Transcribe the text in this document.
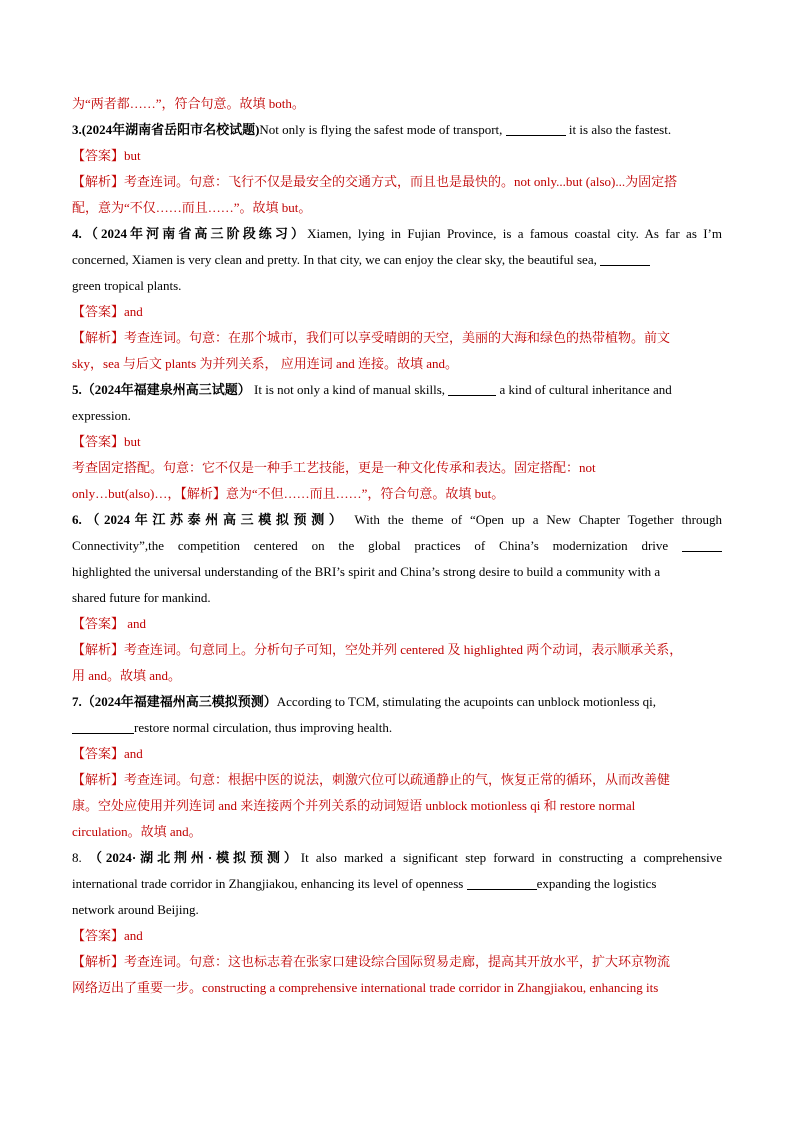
为“两者都……”，符合句意。故填 both。
3.(2024年湖南省岳阳市名校试题)Not only is flying the safest mode of transport,	it is also the fastest.
【答案】but
【解析】考查连词。句意：飞行不仅是最安全的交通方式，而且也是最快的。not only...but (also)...为固定搭
配，意为“不仅……而且……”。故填 but。
4.（2024年河南省高三阶段练习）Xiamen, lying in Fujian Province, is a famous coastal city. As far as I’m
concerned, Xiamen is very clean and pretty. In that city, we can enjoy the clear sky, the beautiful sea,
green tropical plants.
【答案】and
【解析】考查连词。句意：在那个城市，我们可以享受晴朗的天空，美丽的大海和绿色的热带植物。前文
sky，sea 与后文 plants 为并列关系， 应用连词 and 连接。故填 and。
5.（2024年福建泉州高三试题） It is not only a kind of manual skills,	a kind of cultural inheritance and
expression.
【答案】but
考查固定搭配。句意：它不仅是一种手工艺技能，更是一种文化传承和表达。固定搭配：not
only…but(also)…，【解析】意为“不但……而且……”，符合句意。故填 but。
6.（2024年江苏泰州高三模拟预测） With the theme of “Open up a New Chapter Together through
Connectivity”,the competition centered on the global practices of China’s modernization drive
highlighted the universal understanding of the BRI’s spirit and China’s strong desire to build a community with a
shared future for mankind.
【答案】 and
【解析】考查连词。句意同上。分析句子可知，空处并列 centered 及 highlighted 两个动词，表示顺承关系，
用 and。故填 and。
7.（2024年福建福州高三模拟预测）According to TCM, stimulating the acupoints can unblock motionless qi,
restore normal circulation, thus improving health.
【答案】and
【解析】考查连词。句意：根据中医的说法，刺激穴位可以疏通静止的气，恢复正常的循环，从而改善健
康。空处应使用并列连词 and 来连接两个并列关系的动词短语 unblock motionless qi 和 restore normal
circulation。故填 and。
8. （2024·湖北荆州·模拟预测）It also marked a significant step forward in constructing a comprehensive
international trade corridor in Zhangjiakou, enhancing its level of openness	expanding the logistics
network around Beijing.
【答案】and
【解析】考查连词。句意：这也标志着在张家口建设综合国际贸易走廊，提高其开放水平，扩大环京物流
网络迈出了重要一步。constructing a comprehensive international trade corridor in Zhangjiakou, enhancing its
